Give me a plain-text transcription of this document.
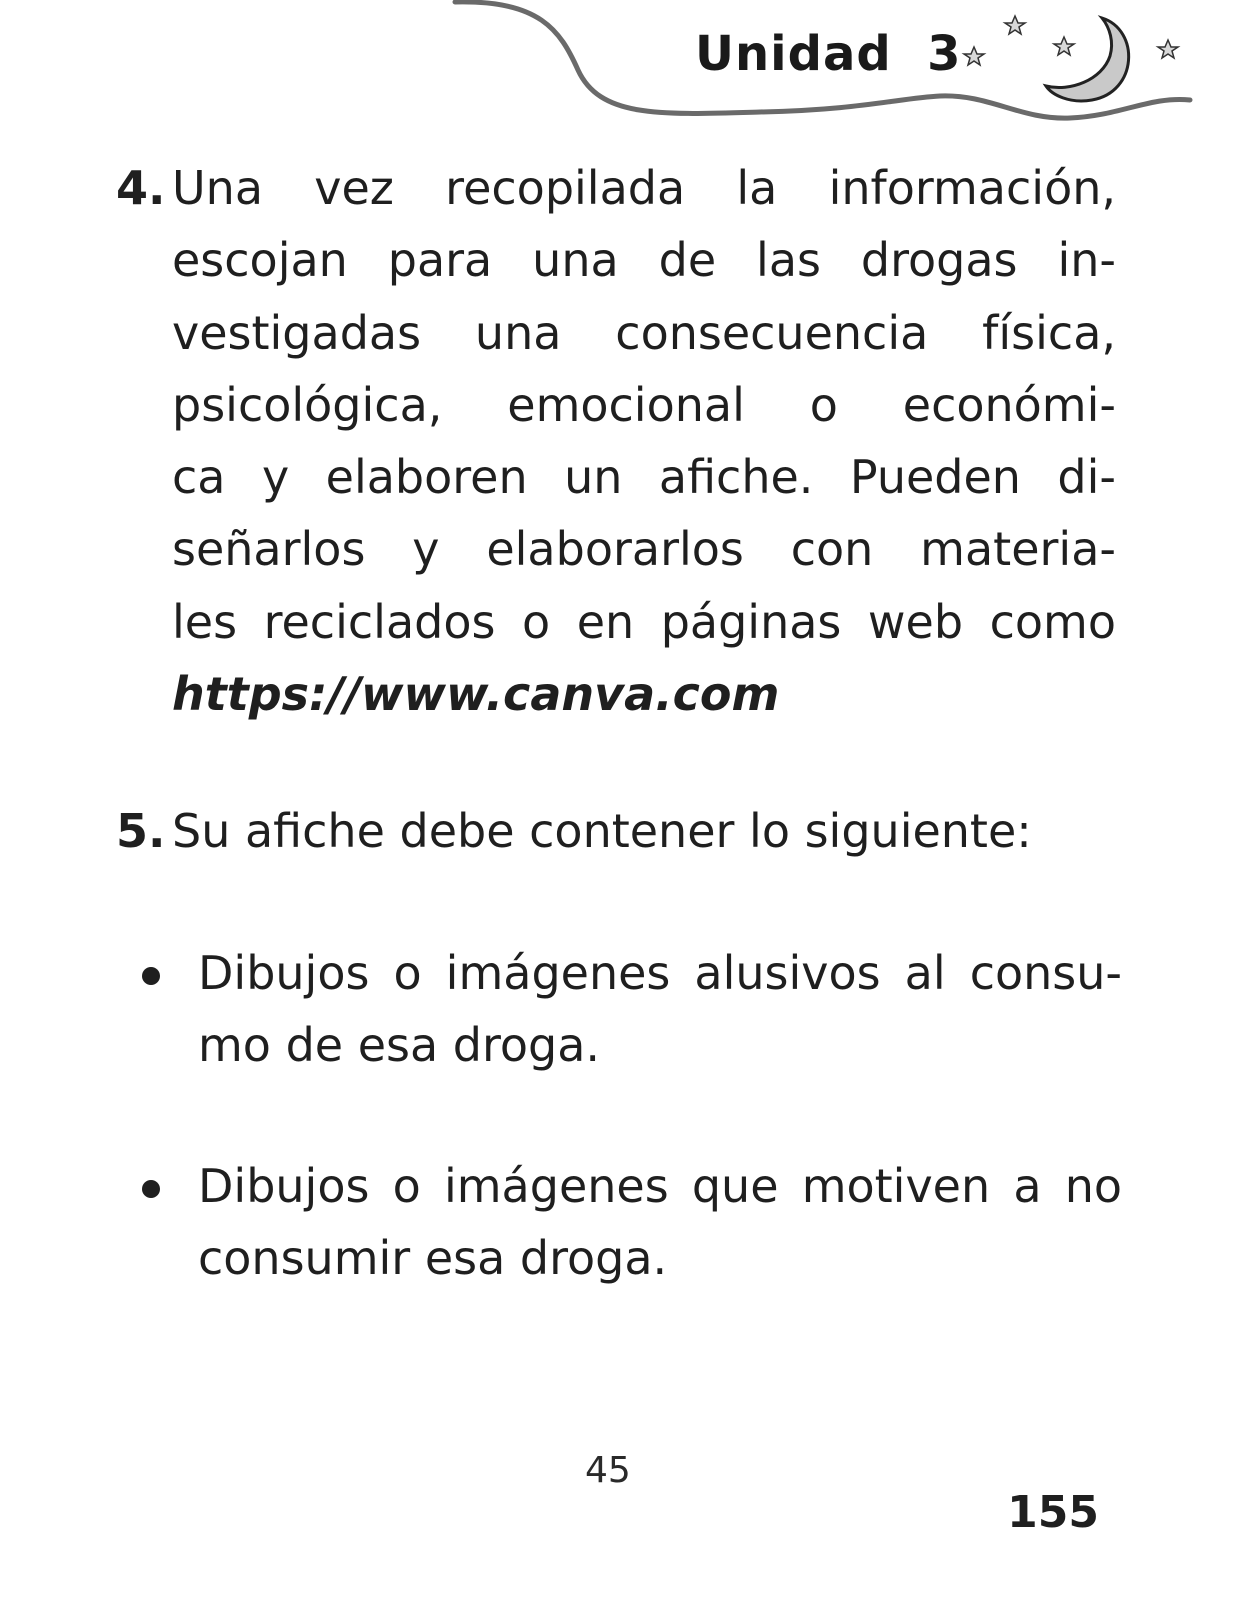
Unidad  3
4. Una vez recopilada la información,
escojan para una de las drogas in-
vestigadas una consecuencia física,
psicológica, emocional o económi-
ca y elaboren un afiche. Pueden di-
señarlos y elaborarlos con materia-
les reciclados o en páginas web como
https://www.canva.com
5. Su afiche debe contener lo siguiente:
Dibujos o imágenes alusivos al consu-
mo de esa droga.
Dibujos o imágenes que motiven a no
consumir esa droga.
45
155
